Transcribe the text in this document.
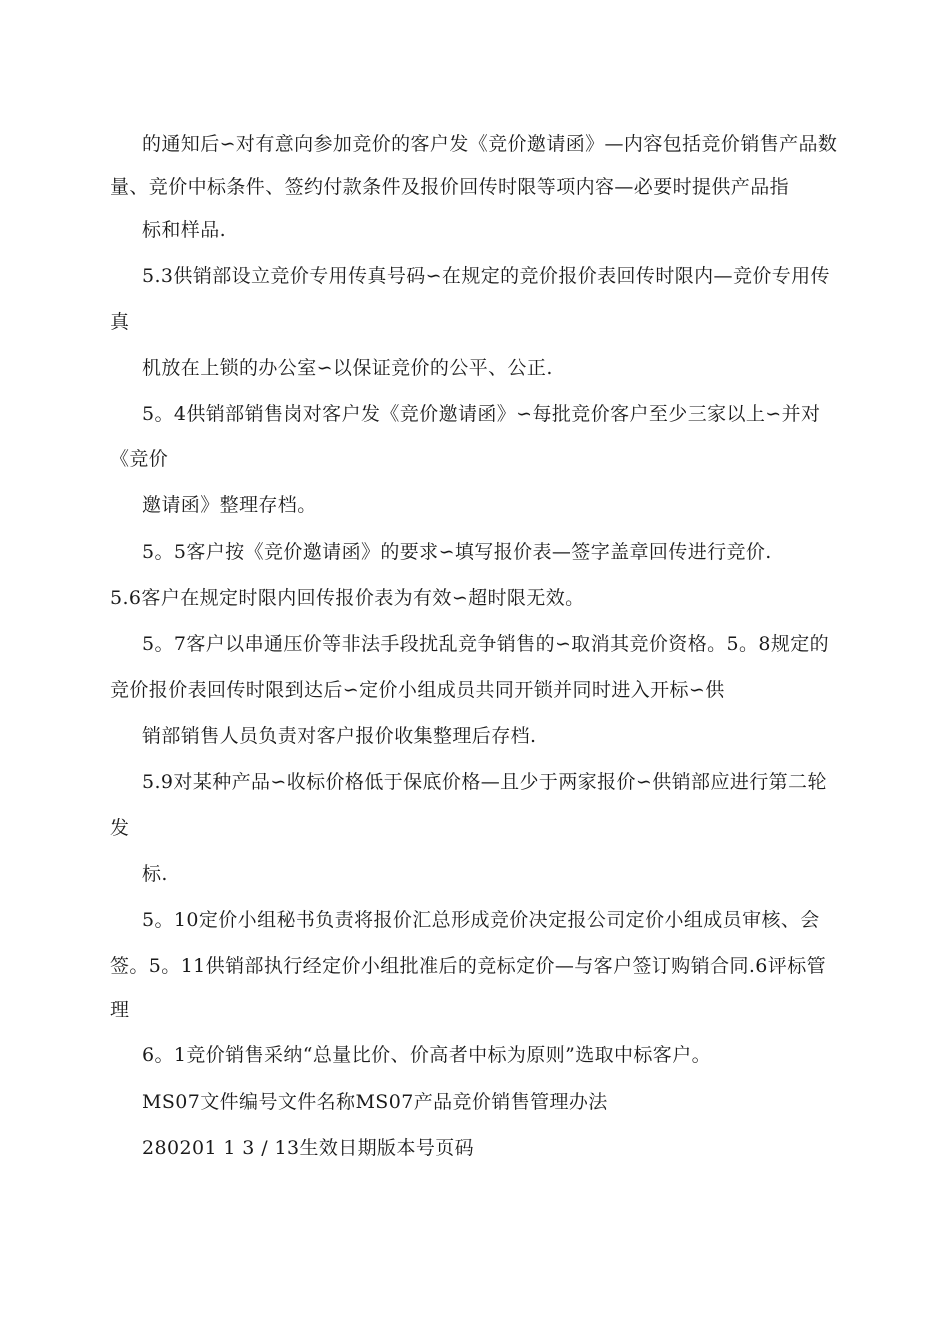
的通知后∽对有意向参加竞价的客户发《竞价邀请函》—内容包括竞价销售产品数
量、竞价中标条件、签约付款条件及报价回传时限等项内容—必要时提供产品指
标和样品.
5.3供销部设立竞价专用传真号码∽在规定的竞价报价表回传时限内—竞价专用传
真
机放在上锁的办公室∽以保证竞价的公平、公正.
5。4供销部销售岗对客户发《竞价邀请函》∽每批竞价客户至少三家以上∽并对
《竞价
邀请函》整理存档。
5。5客户按《竞价邀请函》的要求∽填写报价表—签字盖章回传进行竞价.
5.6客户在规定时限内回传报价表为有效∽超时限无效。
5。7客户以串通压价等非法手段扰乱竞争销售的∽取消其竞价资格。5。8规定的
竞价报价表回传时限到达后∽定价小组成员共同开锁并同时进入开标∽供
销部销售人员负责对客户报价收集整理后存档.
5.9对某种产品∽收标价格低于保底价格—且少于两家报价∽供销部应进行第二轮
发
标.
5。10定价小组秘书负责将报价汇总形成竞价决定报公司定价小组成员审核、会
签。5。11供销部执行经定价小组批准后的竞标定价—与客户签订购销合同.6评标管
理
6。1竞价销售采纳“总量比价、价高者中标为原则”选取中标客户。
MS07文件编号文件名称MS07产品竞价销售管理办法
280201 1 3 / 13生效日期版本号页码
